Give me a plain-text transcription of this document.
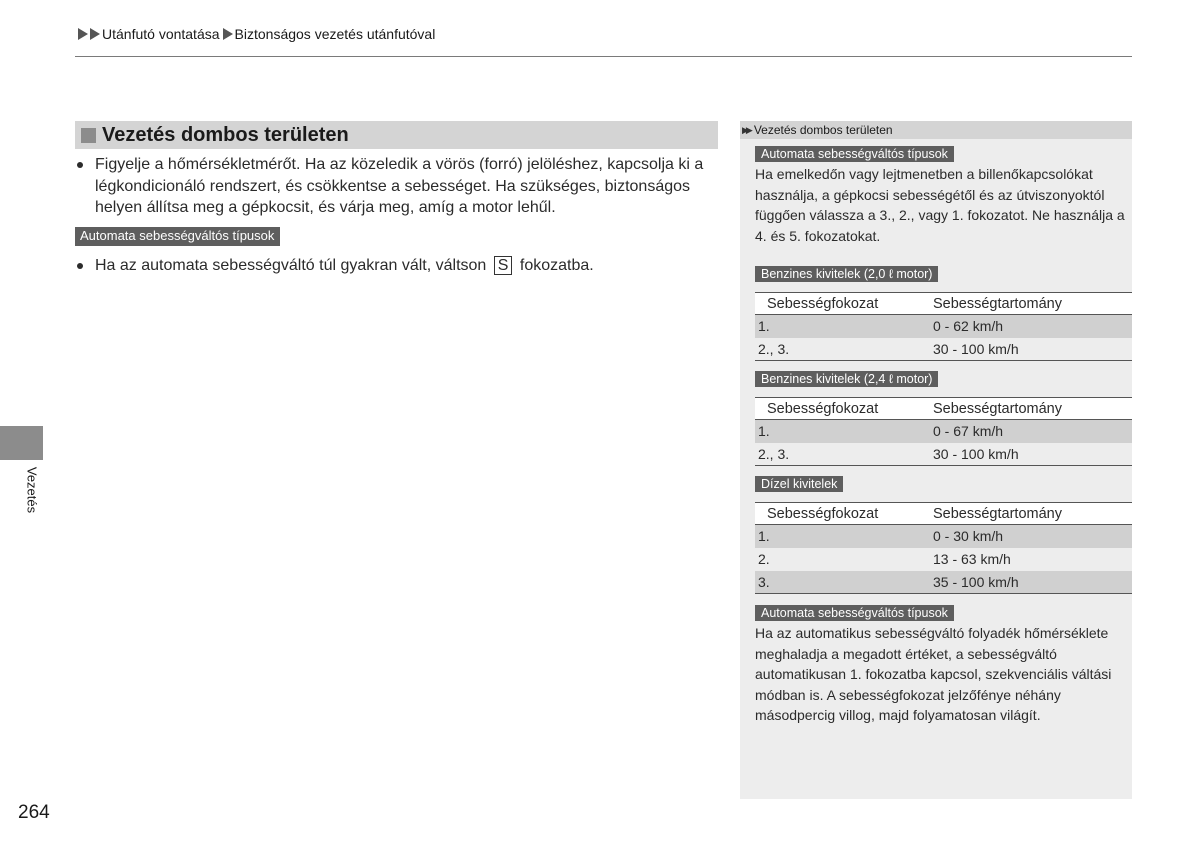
Utánfutó vontatása Biztonságos vezetés utánfutóval
Vezetés dombos területen
Figyelje a hőmérsékletmérőt. Ha az közeledik a vörös (forró) jelöléshez, kapcsolja ki a légkondicionáló rendszert, és csökkentse a sebességet. Ha szükséges, biztonságos helyen állítsa meg a gépkocsit, és várja meg, amíg a motor lehűl.
Automata sebességváltós típusok
Ha az automata sebességváltó túl gyakran vált, váltson S fokozatba.
▶▶ Vezetés dombos területen
Automata sebességváltós típusok
Ha emelkedőn vagy lejtmenetben a billenőkapcsolókat használja, a gépkocsi sebességétől és az útviszonyoktól függően válassza a 3., 2., vagy 1. fokozatot. Ne használja a 4. és 5. fokozatokat.
Benzines kivitelek (2,0 ℓ motor)
Sebességfokozat	Sebességtartomány
1.	0 - 62 km/h
2., 3.	30 - 100 km/h
Benzines kivitelek (2,4 ℓ motor)
Sebességfokozat	Sebességtartomány
1.	0 - 67 km/h
2., 3.	30 - 100 km/h
Dízel kivitelek
Sebességfokozat	Sebességtartomány
1.	0 - 30 km/h
2.	13 - 63 km/h
3.	35 - 100 km/h
Automata sebességváltós típusok
Ha az automatikus sebességváltó folyadék hőmérséklete meghaladja a megadott értéket, a sebességváltó automatikusan 1. fokozatba kapcsol, szekvenciális váltási módban is. A sebességfokozat jelzőfénye néhány másodpercig villog, majd folyamatosan világít.
Vezetés
264
